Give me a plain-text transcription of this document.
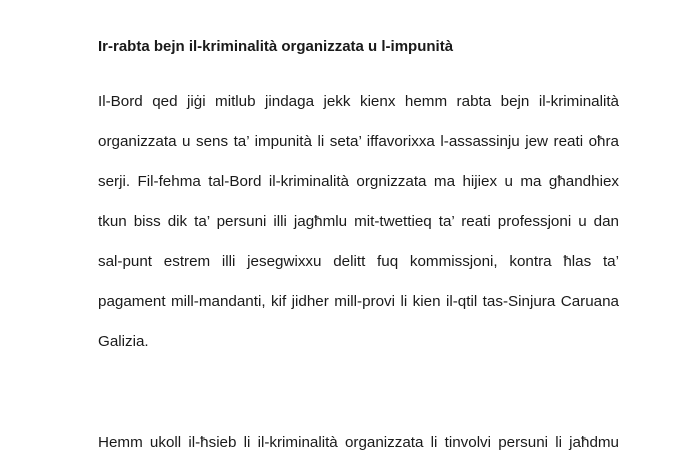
Ir-rabta bejn il-kriminalità organizzata u l-impunità
Il-Bord qed jiġi mitlub jindaga jekk kienx hemm rabta bejn il-kriminalità
organizzata u sens ta’ impunità li seta’ iffavorixxa l-assassinju jew reati oħra
serji. Fil-fehma tal-Bord il-kriminalità orgnizzata ma hijiex u ma għandhiex
tkun biss dik ta’ persuni illi jagħmlu mit-twettieq ta’ reati professjoni u dan
sal-punt estrem illi jesegwixxu delitt fuq kommissjoni, kontra ħlas ta’
pagament mill-mandanti, kif jidher mill-provi li kien il-qtil tas-Sinjura Caruana
Galizia.
Hemm ukoll il-ħsieb li il-kriminalità organizzata li tinvolvi persuni li jaħdmu
